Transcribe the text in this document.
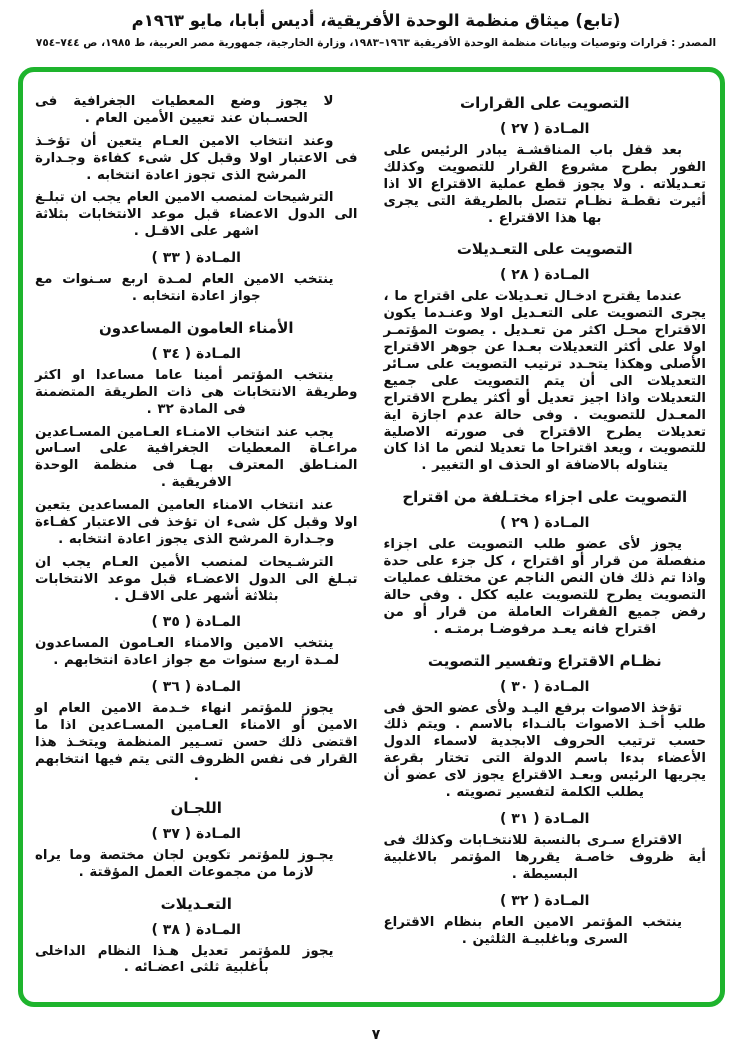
(تابع) ميثاق منظمة الوحدة الأفريقية، أديس أبابا، مايو ١٩٦٣م
المصدر : قرارات وتوصيات وبيانات منظمة الوحدة الأفريقية ١٩٦٣–١٩٨٣، وزارة الخارجية، جمهورية مصر العربية، ط ١٩٨٥، ص ٧٤٤–٧٥٤
التصويت على القرارات
المـادة ( ٢٧ )

بعد قفل باب المناقشـة يبادر الرئيس على الفور بطرح مشروع القرار للتصويت وكذلك تعـديلاته . ولا يجوز قطع عملية الاقتراع الا اذا أثيرت نقطـة نظـام تتصل بالطريقة التى يجرى بها هذا الاقتراع .

التصويت على التعـديلات
المـادة ( ٢٨ )

عندما يقترح ادخـال تعـديلات على اقتراح ما ، يجرى التصويت على التعـديل اولا وعنـدما يكون الاقتراح محـل اكثر من تعـديل . يصوت المؤتمـر اولا على أكثر التعديلات بعـدا عن جوهر الاقتراح الأصلى وهكذا يتحـدد ترتيب التصويت على سـائر التعديلات الى أن يتم التصويت على جميع التعديلات واذا اجيز تعديل أو أكثر يطرح الاقتراح المعـدل للتصويت . وفى حالة عدم اجازة اية تعديلات يطرح الاقتراح فى صورته الاصلية للتصويت ، ويعد اقتراحا ما تعديلا لنص ما اذا كان يتناوله بالاضافة او الحذف او التغيير .

التصويت على اجزاء مختـلفة من اقتراح
المـادة ( ٢٩ )

يجوز لأى عضو طلب التصويت على اجزاء منفصلة من قرار أو اقتراح ، كل جزء على حدة واذا تم ذلك فان النص الناجم عن مختلف عمليات التصويت يطرح للتصويت عليه ككل . وفى حالة رفض جميع الفقرات العاملة من قرار أو من اقتراح فانه يعـد مرفوضـا برمتـه .

نظـام الاقتراع وتفسير التصويت
المـادة ( ٣٠ )

تؤخذ الاصوات برفع اليـد ولأى عضو الحق فى طلب أخـذ الاصوات بالنـداء بالاسم . ويتم ذلك حسب ترتيب الحروف الابجدية لاسماء الدول الأعضاء بدءا باسم الدولة التى تختار بقرعة يجريها الرئيس وبعـد الاقتراع يجوز لاى عضو أن يطلب الكلمة لتفسير تصويته .

المـادة ( ٣١ )

الاقتراع سـرى بالنسبة للانتخـابات وكذلك فى أية ظروف خاصـة يقررها المؤتمر بالاغلبية البسيطة .

المـادة ( ٣٢ )

ينتخب المؤتمر الامين العام بنظام الاقتراع السرى وباغلبيـة الثلثين .

لا يجوز وضع المعطيات الجغرافية فى الحسـبان عند تعيين الأمين العام .

وعند انتخاب الامين العـام يتعين أن تؤخـذ فى الاعتبار اولا وقبل كل شىء كفاءة وجـدارة المرشح الذى تجوز اعادة انتخابه .

الترشيحات لمنصب الامين العام يجب ان تبلـغ الى الدول الاعضاء قبل موعد الانتخابات بثلاثة اشهر على الاقـل .

المـادة ( ٣٣ )

ينتخب الامين العام لمـدة اربع سـنوات مع جواز اعادة انتخابه .

الأمناء العامون المساعدون
المـادة ( ٣٤ )

ينتخب المؤتمر أمينا عاما مساعدا او اكثر وطريقة الانتخابات هى ذات الطريقة المتضمنة فى المادة ٣٢ .

يجب عند انتخاب الامنـاء العـامين المسـاعدين مراعـاة المعطيات الجغرافية على اسـاس المنـاطق المعترف بهـا فى منظمة الوحدة الافريقية .

عند انتخاب الامناء العامين المساعدين يتعين اولا وقبل كل شىء ان تؤخذ فى الاعتبار كفـاءة وجـدارة المرشح الذى يجوز اعادة انتخابه .

الترشـيحات لمنصب الأمين العـام يجب ان تبـلغ الى الدول الاعضـاء قبل موعد الانتخابات بثلاثة أشهر على الاقـل .

المـادة ( ٣٥ )

ينتخب الامين والامناء العـامون المساعدون لمـدة اربع سنوات مع جواز اعادة انتخابهم .

المـادة ( ٣٦ )

يجوز للمؤتمر انهاء خـدمة الامين العام او الامين أو الامناء العـامين المسـاعدين اذا ما اقتضى ذلك حسن تسـيير المنظمة ويتخـذ هذا القرار فى نفس الظروف التى يتم فيها انتخابهم .

اللجـان
المـادة ( ٣٧ )

يجـوز للمؤتمر تكوين لجان مختصة وما يراه لازما من مجموعات العمل المؤقتة .

التعـديلات
المـادة ( ٣٨ )

يجوز للمؤتمر تعديل هـذا النظام الداخلى بأغلبية ثلثى اعضـائه .

٧
